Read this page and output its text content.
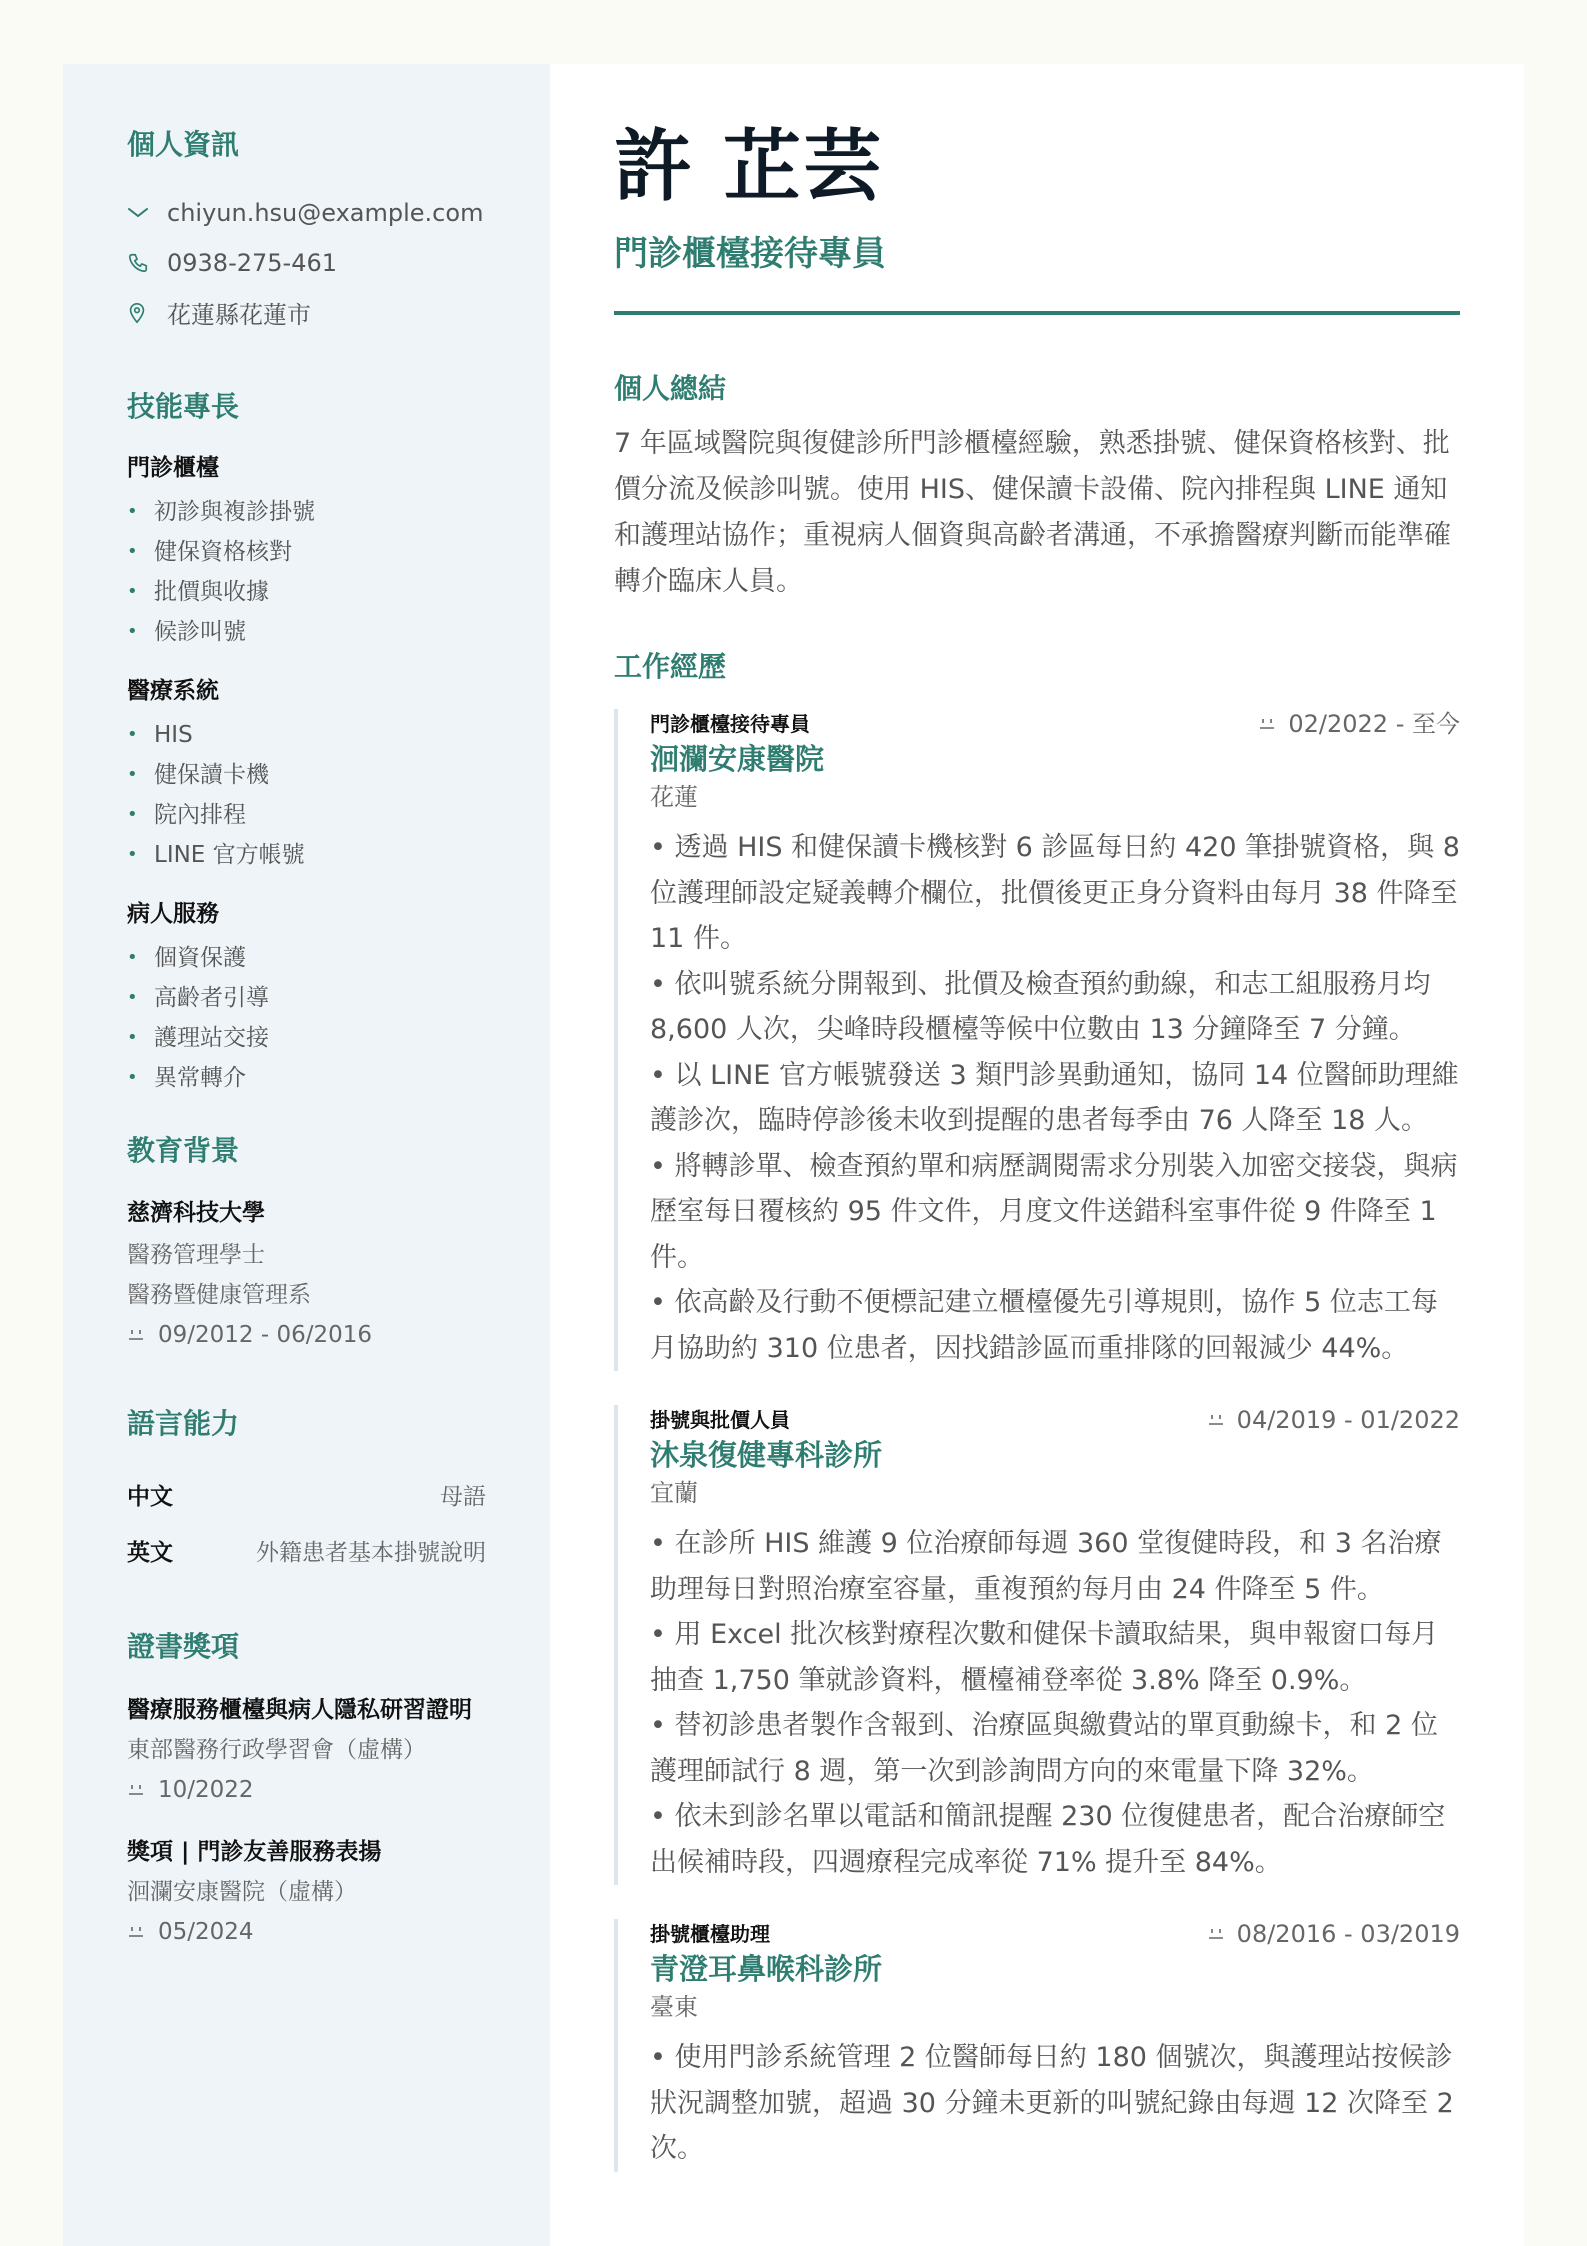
個人資訊
chiyun.hsu@example.com
0938-275-461
花蓮縣花蓮市
技能專長
門診櫃檯
• 初診與複診掛號
• 健保資格核對
• 批價與收據
• 候診叫號
醫療系統
• HIS
• 健保讀卡機
• 院內排程
• LINE 官方帳號
病人服務
• 個資保護
• 高齡者引導
• 護理站交接
• 異常轉介
教育背景
慈濟科技大學
醫務管理學士
醫務暨健康管理系
09/2012 - 06/2016
語言能力
中文	母語
英文	外籍患者基本掛號說明
證書獎項
醫療服務櫃檯與病人隱私研習證明
東部醫務行政學習會（虛構）
10/2022
獎項 | 門診友善服務表揚
洄瀾安康醫院（虛構）
05/2024
許 芷芸
門診櫃檯接待專員
個人總結

7 年區域醫院與復健診所門診櫃檯經驗，熟悉掛號、健保資格核對、批價分流及候診叫號。使用 HIS、健保讀卡設備、院內排程與 LINE 通知和護理站協作；重視病人個資與高齡者溝通，不承擔醫療判斷而能準確轉介臨床人員。

工作經歷
門診櫃檯接待專員	02/2022 - 至今
洄瀾安康醫院
花蓮
• 透過 HIS 和健保讀卡機核對 6 診區每日約 420 筆掛號資格，與 8 位護理師設定疑義轉介欄位，批價後更正身分資料由每月 38 件降至 11 件。
• 依叫號系統分開報到、批價及檢查預約動線，和志工組服務月均 8,600 人次，尖峰時段櫃檯等候中位數由 13 分鐘降至 7 分鐘。
• 以 LINE 官方帳號發送 3 類門診異動通知，協同 14 位醫師助理維護診次，臨時停診後未收到提醒的患者每季由 76 人降至 18 人。
• 將轉診單、檢查預約單和病歷調閱需求分別裝入加密交接袋，與病歷室每日覆核約 95 件文件，月度文件送錯科室事件從 9 件降至 1 件。
• 依高齡及行動不便標記建立櫃檯優先引導規則，協作 5 位志工每月協助約 310 位患者，因找錯診區而重排隊的回報減少 44%。
掛號與批價人員	04/2019 - 01/2022
沐泉復健專科診所
宜蘭
• 在診所 HIS 維護 9 位治療師每週 360 堂復健時段，和 3 名治療助理每日對照治療室容量，重複預約每月由 24 件降至 5 件。
• 用 Excel 批次核對療程次數和健保卡讀取結果，與申報窗口每月抽查 1,750 筆就診資料，櫃檯補登率從 3.8% 降至 0.9%。
• 替初診患者製作含報到、治療區與繳費站的單頁動線卡，和 2 位護理師試行 8 週，第一次到診詢問方向的來電量下降 32%。
• 依未到診名單以電話和簡訊提醒 230 位復健患者，配合治療師空出候補時段，四週療程完成率從 71% 提升至 84%。
掛號櫃檯助理	08/2016 - 03/2019
青澄耳鼻喉科診所
臺東
• 使用門診系統管理 2 位醫師每日約 180 個號次，與護理站按候診狀況調整加號，超過 30 分鐘未更新的叫號紀錄由每週 12 次降至 2 次。
